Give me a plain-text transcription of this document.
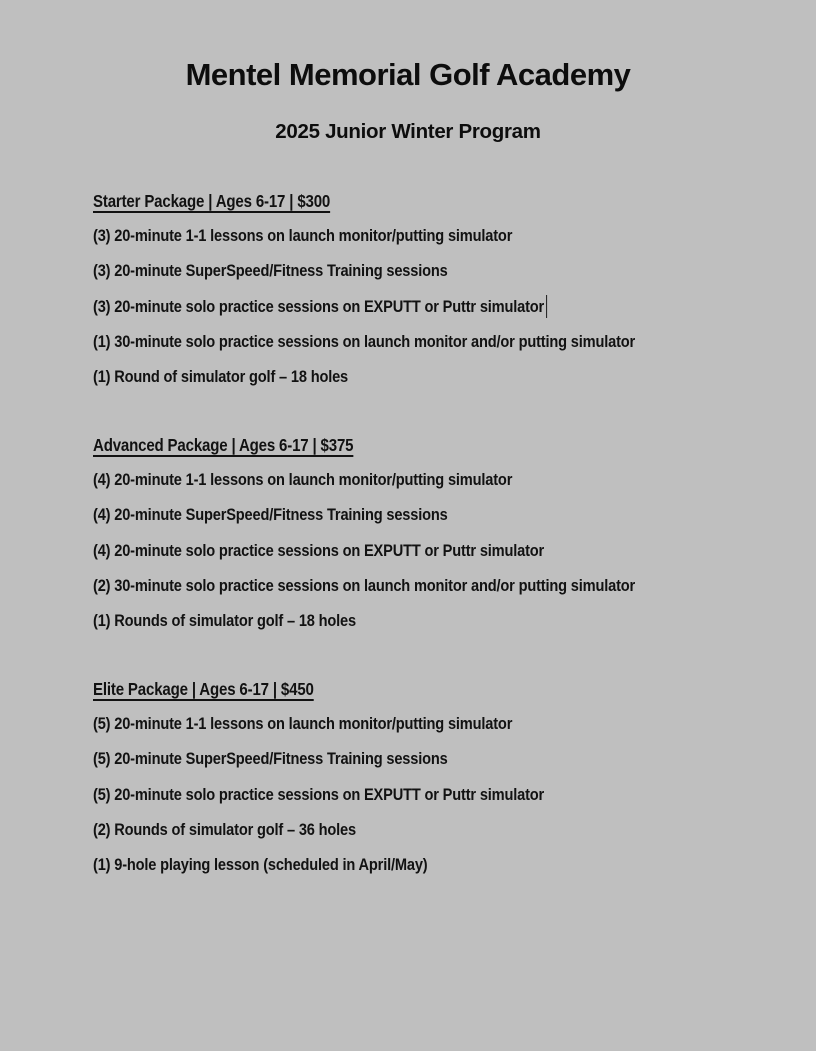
Mentel Memorial Golf Academy
2025 Junior Winter Program
Starter Package | Ages 6-17 | $300
(3) 20-minute 1-1 lessons on launch monitor/putting simulator
(3) 20-minute SuperSpeed/Fitness Training sessions
(3) 20-minute solo practice sessions on EXPUTT or Puttr simulator
(1) 30-minute solo practice sessions on launch monitor and/or putting simulator
(1) Round of simulator golf – 18 holes
Advanced Package | Ages 6-17 | $375
(4) 20-minute 1-1 lessons on launch monitor/putting simulator
(4) 20-minute SuperSpeed/Fitness Training sessions
(4) 20-minute solo practice sessions on EXPUTT or Puttr simulator
(2) 30-minute solo practice sessions on launch monitor and/or putting simulator
(1) Rounds of simulator golf – 18 holes
Elite Package | Ages 6-17 | $450
(5) 20-minute 1-1 lessons on launch monitor/putting simulator
(5) 20-minute SuperSpeed/Fitness Training sessions
(5) 20-minute solo practice sessions on EXPUTT or Puttr simulator
(2) Rounds of simulator golf – 36 holes
(1) 9-hole playing lesson (scheduled in April/May)
